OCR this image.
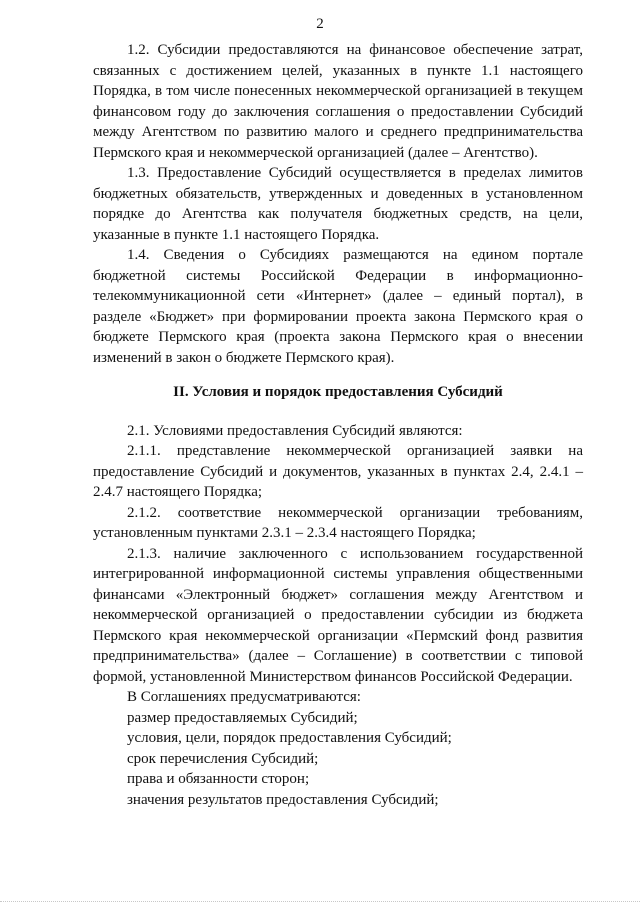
2

1.2. Субсидии предоставляются на финансовое обеспечение затрат, связанных с достижением целей, указанных в пункте 1.1 настоящего Порядка, в том числе понесенных некоммерческой организацией в текущем финансовом году до заключения соглашения о предоставлении Субсидий между Агентством по развитию малого и среднего предпринимательства Пермского края и некоммерческой организацией (далее – Агентство).

1.3. Предоставление Субсидий осуществляется в пределах лимитов бюджетных обязательств, утвержденных и доведенных в установленном порядке до Агентства как получателя бюджетных средств, на цели, указанные в пункте 1.1 настоящего Порядка.

1.4. Сведения о Субсидиях размещаются на едином портале бюджетной системы Российской Федерации в информационно-телекоммуникационной сети «Интернет» (далее – единый портал), в разделе «Бюджет» при формировании проекта закона Пермского края о бюджете Пермского края (проекта закона Пермского края о внесении изменений в закон о бюджете Пермского края).

II. Условия и порядок предоставления Субсидий

2.1. Условиями предоставления Субсидий являются:

2.1.1. представление некоммерческой организацией заявки на предоставление Субсидий и документов, указанных в пунктах 2.4, 2.4.1 – 2.4.7 настоящего Порядка;

2.1.2. соответствие некоммерческой организации требованиям, установленным пунктами 2.3.1 – 2.3.4 настоящего Порядка;

2.1.3. наличие заключенного с использованием государственной интегрированной информационной системы управления общественными финансами «Электронный бюджет» соглашения между Агентством и некоммерческой организацией о предоставлении субсидии из бюджета Пермского края некоммерческой организации «Пермский фонд развития предпринимательства» (далее – Соглашение) в соответствии с типовой формой, установленной Министерством финансов Российской Федерации.

В Соглашениях предусматриваются:

размер предоставляемых Субсидий;

условия, цели, порядок предоставления Субсидий;

срок перечисления Субсидий;

права и обязанности сторон;

значения результатов предоставления Субсидий;
